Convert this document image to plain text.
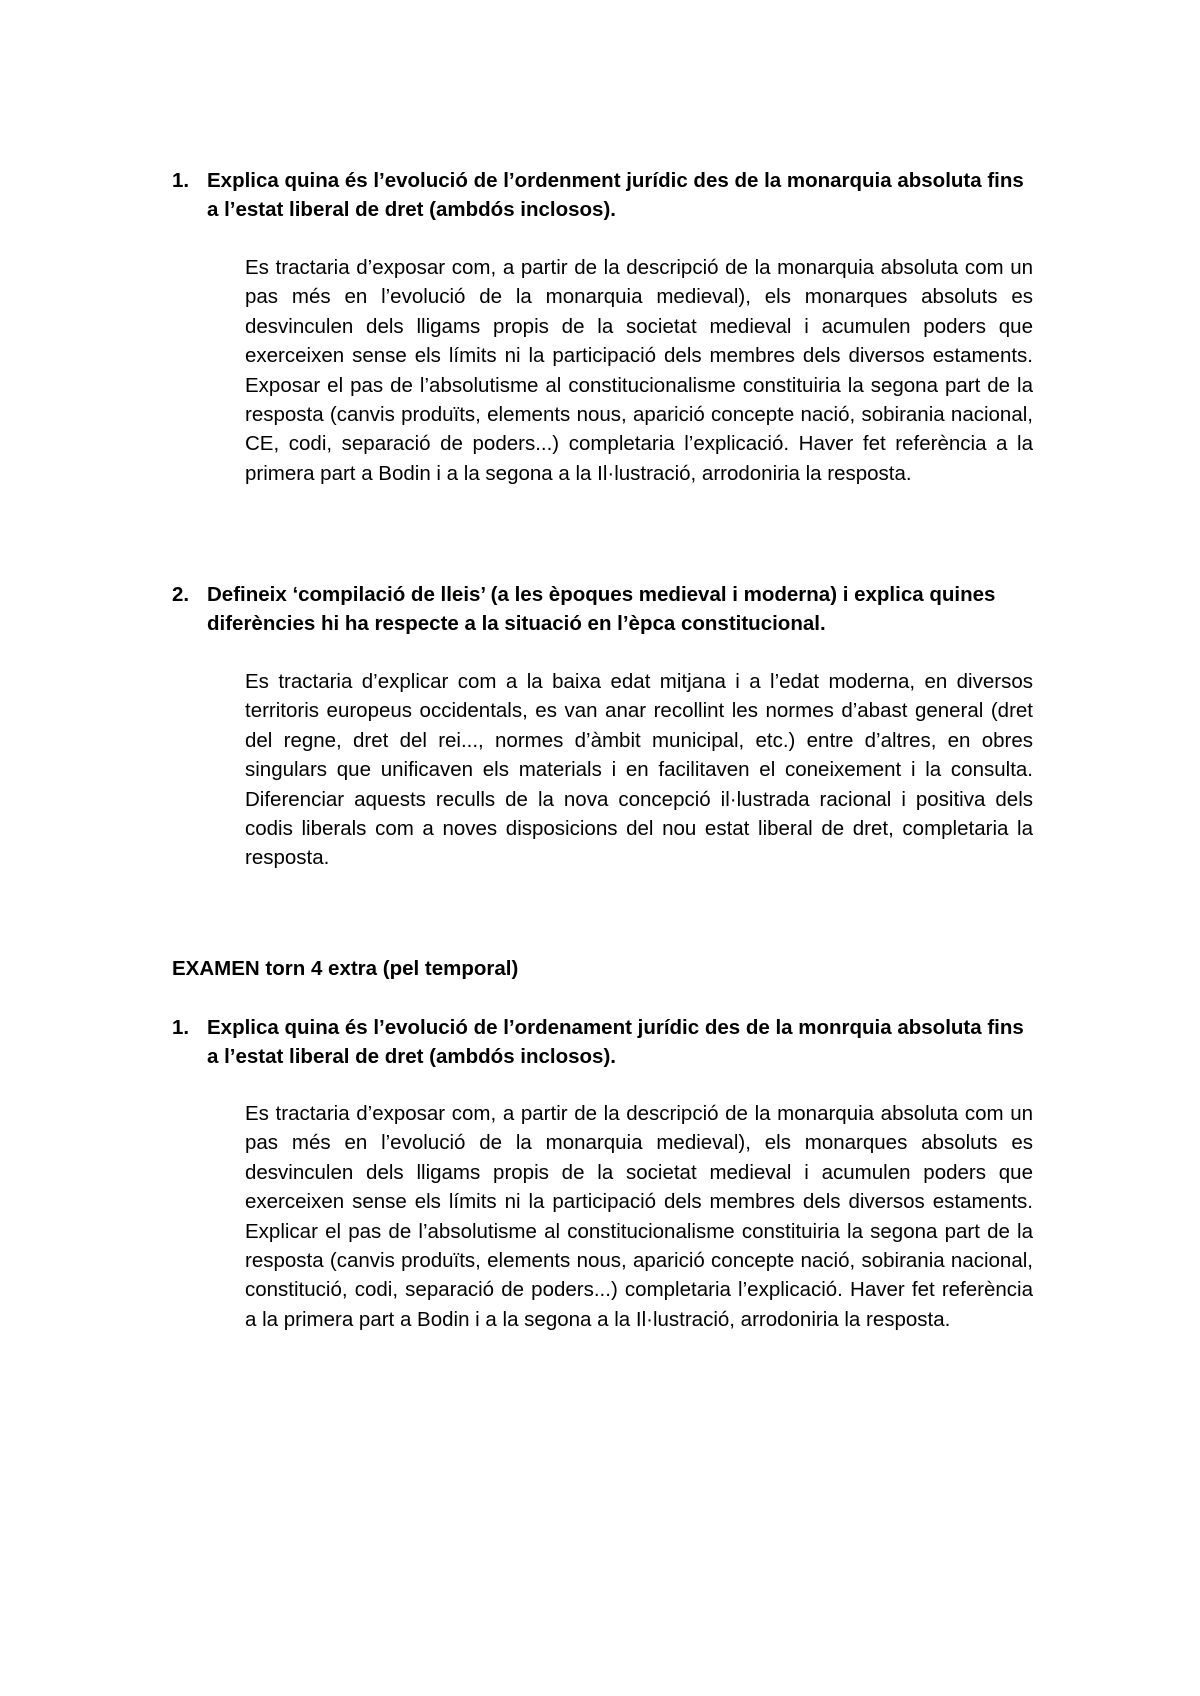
1. Explica quina és l’evolució de l’ordenment jurídic des de la monarquia absoluta fins a l’estat liberal de dret (ambdós inclosos).
Es tractaria d’exposar com, a partir de la descripció de la monarquia absoluta com un pas més en l’evolució de la monarquia medieval), els monarques absoluts es desvinculen dels lligams propis de la societat medieval i acumulen poders que exerceixen sense els límits ni la participació dels membres dels diversos estaments. Exposar el pas de l’absolutisme al constitucionalisme constituiria la segona part de la resposta (canvis produïts, elements nous, aparició concepte nació, sobirania nacional, CE, codi, separació de poders...) completaria l’explicació. Haver fet referència a la primera part a Bodin i a la segona a la Il·lustració, arrodoniria la resposta.
2. Defineix ‘compilació de lleis’ (a les èpoques medieval i moderna) i explica quines diferències hi ha respecte a la situació en l’èpca constitucional.
Es tractaria d’explicar com a la baixa edat mitjana i a l’edat moderna, en diversos territoris europeus occidentals, es van anar recollint les normes d’abast general (dret del regne, dret del rei..., normes d’àmbit municipal, etc.) entre d’altres, en obres singulars que unificaven els materials i en facilitaven el coneixement i la consulta. Diferenciar aquests reculls de la nova concepció il·lustrada racional i positiva dels codis liberals com a noves disposicions del nou estat liberal de dret, completaria la resposta.
EXAMEN torn 4 extra (pel temporal)
1. Explica quina és l’evolució de l’ordenament jurídic des de la monrquia absoluta fins a l’estat liberal de dret (ambdós inclosos).
Es tractaria d’exposar com, a partir de la descripció de la monarquia absoluta com un pas més en l’evolució de la monarquia medieval), els monarques absoluts es desvinculen dels lligams propis de la societat medieval i acumulen poders que exerceixen sense els límits ni la participació dels membres dels diversos estaments. Explicar el pas de l’absolutisme al constitucionalisme constituiria la segona part de la resposta (canvis produïts, elements nous, aparició concepte nació, sobirania nacional, constitució, codi, separació de poders...) completaria l’explicació. Haver fet referència a la primera part a Bodin i a la segona a la Il·lustració, arrodoniria la resposta.
